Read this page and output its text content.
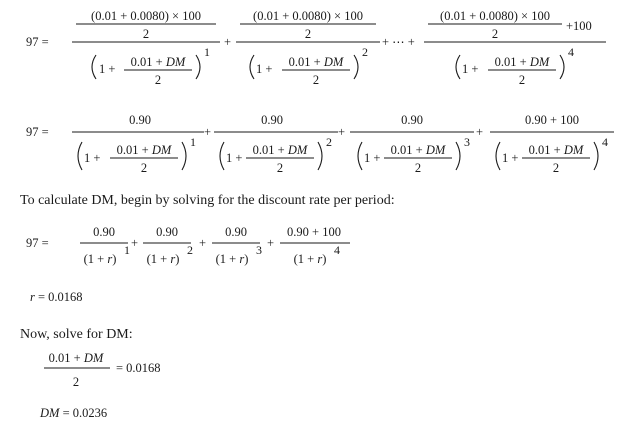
97 =
(0.01 + 0.0080) × 100
2
1 + 0.01 + DM
2
1
+
(0.01 + 0.0080) × 100
2
1 + 0.01 + DM
2
2
+ ⋯ +
(0.01 + 0.0080) × 100
2
+100
1 + 0.01 + DM
2
4
97 =
0.90
1 +
0.01 + DM
2
1
+
0.90
1 +
0.01 + DM
2
2
+
0.90
1 +
0.01 + DM
2
3
+
0.90 + 100
1 +
0.01 + DM
2
4
To calculate DM, begin by solving for the discount rate per period:
97 =
0.90
(1 + r)
1 +
0.90
(1 + r)
2 +
0.90
(1 + r)
3 +
0.90 + 100
(1 + r)
4
r = 0.0168
Now, solve for DM:
0.01 + DM
2
= 0.0168
DM = 0.0236
